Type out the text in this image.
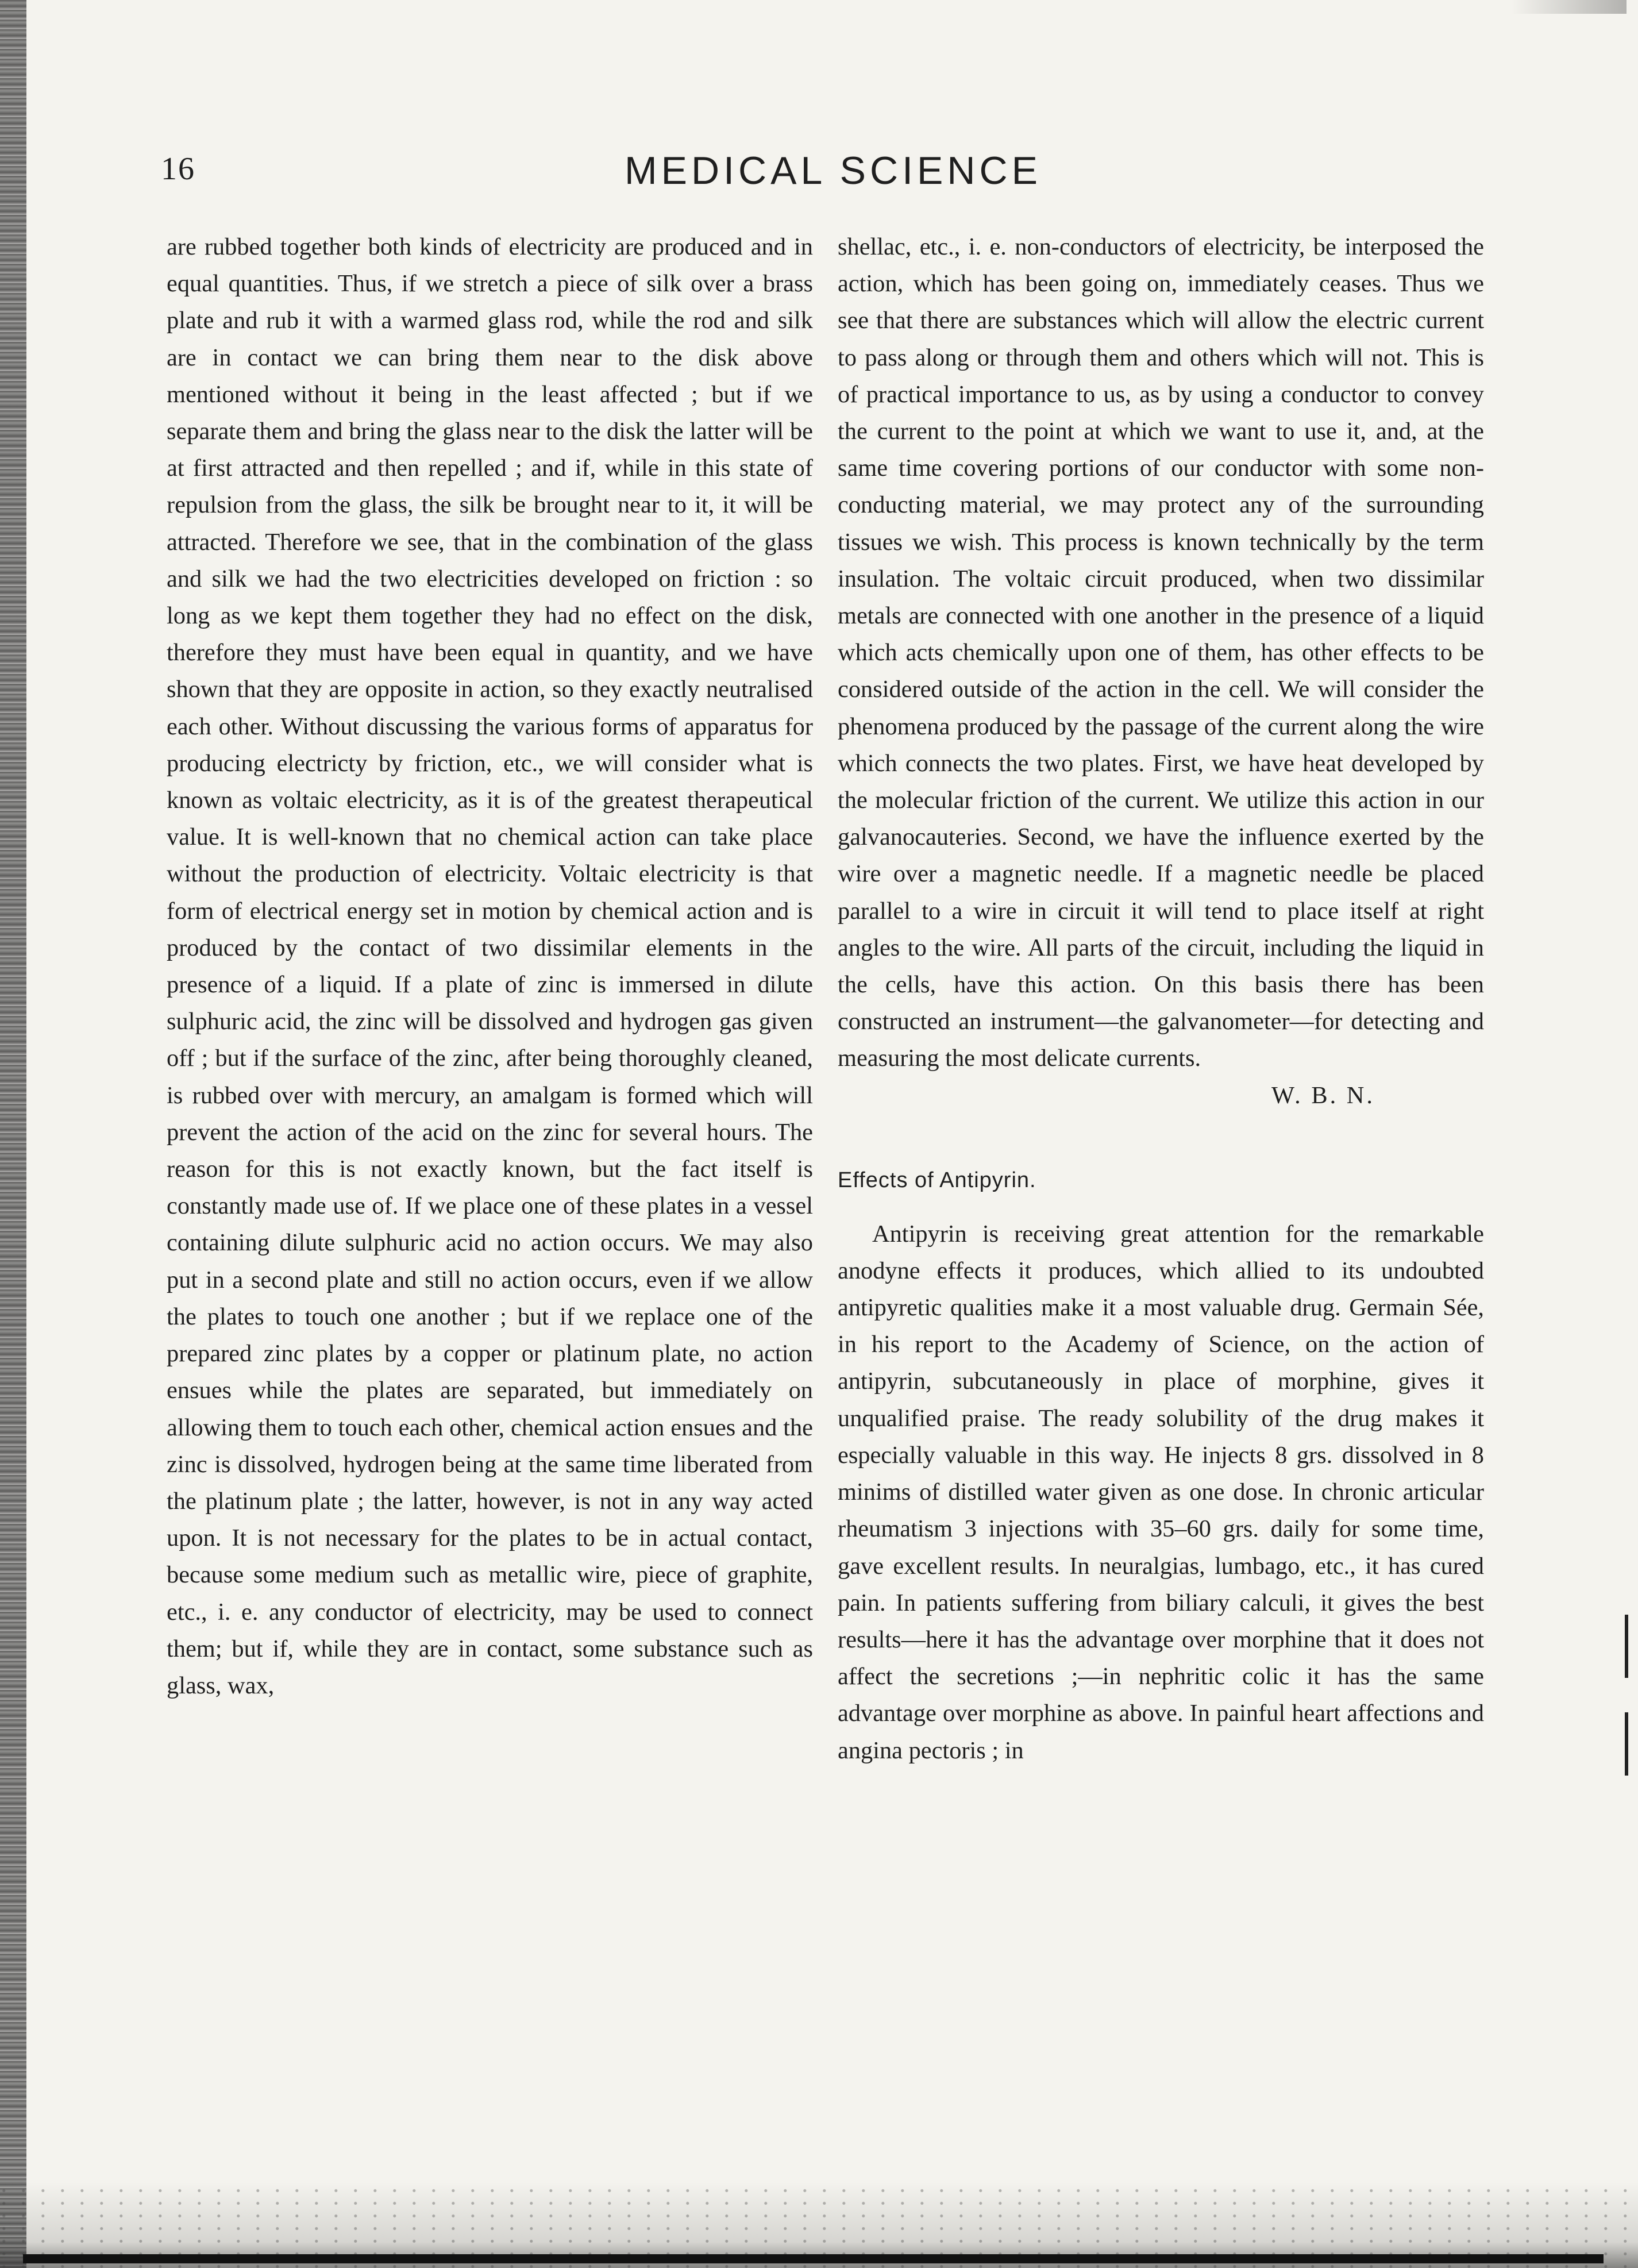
16	MEDICAL SCIENCE

are rubbed together both kinds of electricity are produced and in equal quantities. Thus, if we stretch a piece of silk over a brass plate and rub it with a warmed glass rod, while the rod and silk are in contact we can bring them near to the disk above mentioned without it being in the least affected ; but if we separate them and bring the glass near to the disk the latter will be at first attracted and then repelled ; and if, while in this state of repulsion from the glass, the silk be brought near to it, it will be attracted. Therefore we see, that in the combination of the glass and silk we had the two electricities developed on friction : so long as we kept them together they had no effect on the disk, therefore they must have been equal in quantity, and we have shown that they are opposite in action, so they exactly neutralised each other. Without discussing the various forms of apparatus for producing electricty by friction, etc., we will consider what is known as voltaic electricity, as it is of the greatest therapeutical value. It is well-known that no chemical action can take place without the production of electricity. Voltaic electricity is that form of electrical energy set in motion by chemical action and is produced by the contact of two dissimilar elements in the presence of a liquid. If a plate of zinc is immersed in dilute sulphuric acid, the zinc will be dissolved and hydrogen gas given off ; but if the surface of the zinc, after being thoroughly cleaned, is rubbed over with mercury, an amalgam is formed which will prevent the action of the acid on the zinc for several hours. The reason for this is not exactly known, but the fact itself is constantly made use of. If we place one of these plates in a vessel containing dilute sulphuric acid no action occurs. We may also put in a second plate and still no action occurs, even if we allow the plates to touch one another ; but if we replace one of the prepared zinc plates by a copper or platinum plate, no action ensues while the plates are separated, but immediately on allowing them to touch each other, chemical action ensues and the zinc is dissolved, hydrogen being at the same time liberated from the platinum plate ; the latter, however, is not in any way acted upon. It is not necessary for the plates to be in actual contact, because some medium such as metallic wire, piece of graphite, etc., i. e. any conductor of electricity, may be used to connect them; but if, while they are in contact, some substance such as glass, wax,

shellac, etc., i. e. non-conductors of electricity, be interposed the action, which has been going on, immediately ceases. Thus we see that there are substances which will allow the electric current to pass along or through them and others which will not. This is of practical importance to us, as by using a conductor to convey the current to the point at which we want to use it, and, at the same time covering portions of our conductor with some non-conducting material, we may protect any of the surrounding tissues we wish. This process is known technically by the term insulation. The voltaic circuit produced, when two dissimilar metals are connected with one another in the presence of a liquid which acts chemically upon one of them, has other effects to be considered outside of the action in the cell. We will consider the phenomena produced by the passage of the current along the wire which connects the two plates. First, we have heat developed by the molecular friction of the current. We utilize this action in our galvanocauteries. Second, we have the influence exerted by the wire over a magnetic needle. If a magnetic needle be placed parallel to a wire in circuit it will tend to place itself at right angles to the wire. All parts of the circuit, including the liquid in the cells, have this action. On this basis there has been constructed an instrument—the galvanometer—for detecting and measuring the most delicate currents.

W. B. N.

Effects of Antipyrin.

Antipyrin is receiving great attention for the remarkable anodyne effects it produces, which allied to its undoubted antipyretic qualities make it a most valuable drug. Germain Sée, in his report to the Academy of Science, on the action of antipyrin, subcutaneously in place of morphine, gives it unqualified praise. The ready solubility of the drug makes it especially valuable in this way. He injects 8 grs. dissolved in 8 minims of distilled water given as one dose. In chronic articular rheumatism 3 injections with 35–60 grs. daily for some time, gave excellent results. In neuralgias, lumbago, etc., it has cured pain. In patients suffering from biliary calculi, it gives the best results—here it has the advantage over morphine that it does not affect the secretions ;—in nephritic colic it has the same advantage over morphine as above. In painful heart affections and angina pectoris ; in
